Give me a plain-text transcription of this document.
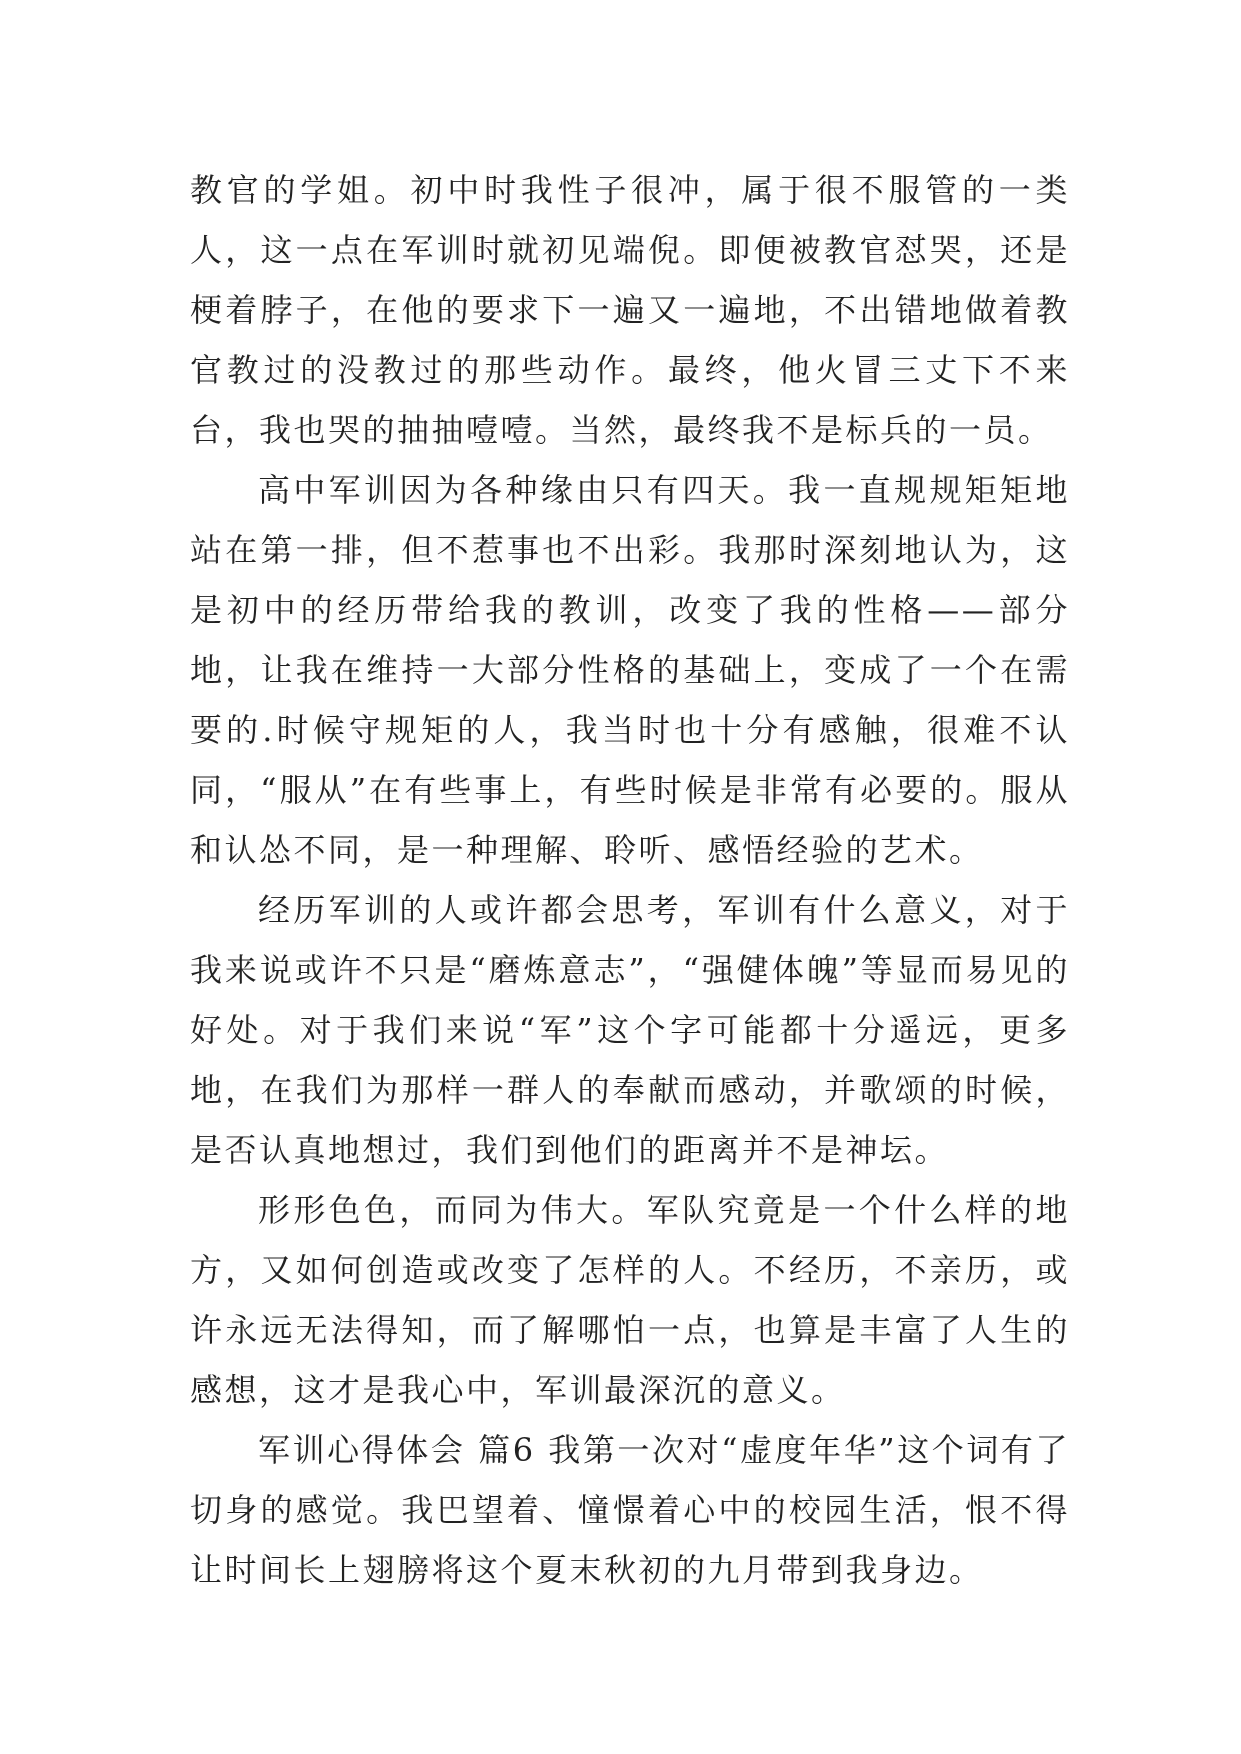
教官的学姐。初中时我性子很冲，属于很不服管的一类人，这一点在军训时就初见端倪。即便被教官怼哭，还是梗着脖子，在他的要求下一遍又一遍地，不出错地做着教官教过的没教过的那些动作。最终，他火冒三丈下不来台，我也哭的抽抽噎噎。当然，最终我不是标兵的一员。

高中军训因为各种缘由只有四天。我一直规规矩矩地站在第一排，但不惹事也不出彩。我那时深刻地认为，这是初中的经历带给我的教训，改变了我的性格——部分地，让我在维持一大部分性格的基础上，变成了一个在需要的.时候守规矩的人，我当时也十分有感触，很难不认同，“服从”在有些事上，有些时候是非常有必要的。服从和认怂不同，是一种理解、聆听、感悟经验的艺术。

经历军训的人或许都会思考，军训有什么意义，对于我来说或许不只是“磨炼意志”，“强健体魄”等显而易见的好处。对于我们来说“军”这个字可能都十分遥远，更多地，在我们为那样一群人的奉献而感动，并歌颂的时候，是否认真地想过，我们到他们的距离并不是神坛。

形形色色，而同为伟大。军队究竟是一个什么样的地方，又如何创造或改变了怎样的人。不经历，不亲历，或许永远无法得知，而了解哪怕一点，也算是丰富了人生的感想，这才是我心中，军训最深沉的意义。

军训心得体会 篇6 我第一次对“虚度年华”这个词有了切身的感觉。我巴望着、憧憬着心中的校园生活，恨不得让时间长上翅膀将这个夏末秋初的九月带到我身边。
